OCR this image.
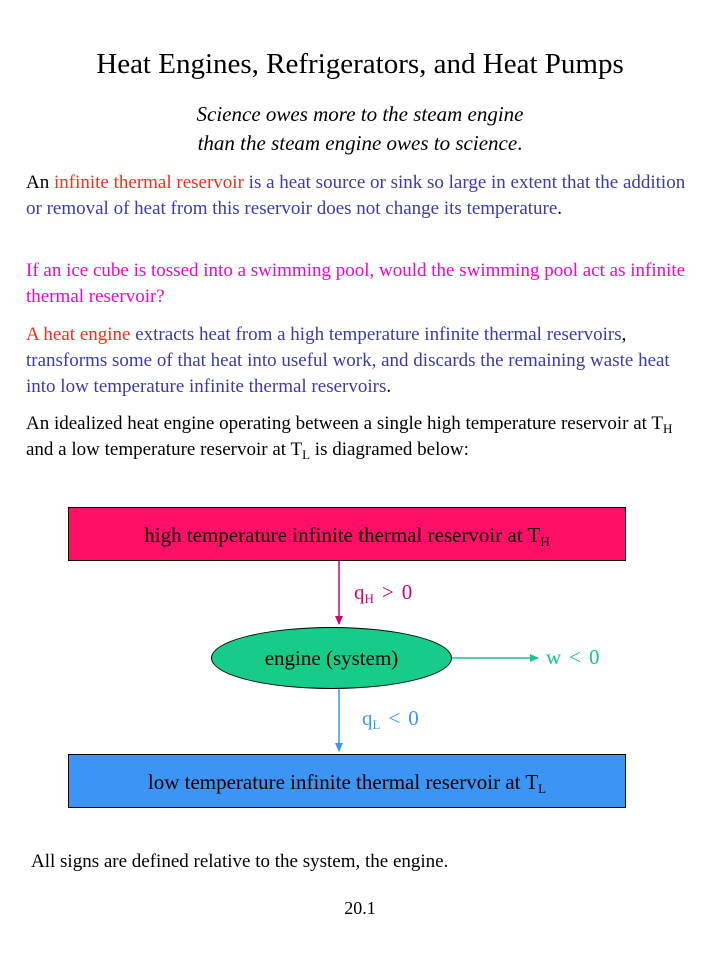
Heat Engines, Refrigerators, and Heat Pumps
Science owes more to the steam engine
than the steam engine owes to science.
An infinite thermal reservoir is a heat source or sink so large in extent that the addition or removal of heat from this reservoir does not change its temperature.
If an ice cube is tossed into a swimming pool, would the swimming pool act as infinite thermal reservoir?
A heat engine extracts heat from a high temperature infinite thermal reservoirs, transforms some of that heat into useful work, and discards the remaining waste heat into low temperature infinite thermal reservoirs.
An idealized heat engine operating between a single high temperature reservoir at $T_H$ and a low temperature reservoir at $T_L$ is diagramed below:
high temperature infinite thermal reservoir at $T_H$
engine (system)
$q_H > 0$
w < 0
$q_L < 0$
low temperature infinite thermal reservoir at $T_L$
All signs are defined relative to the system, the engine.
20.1
